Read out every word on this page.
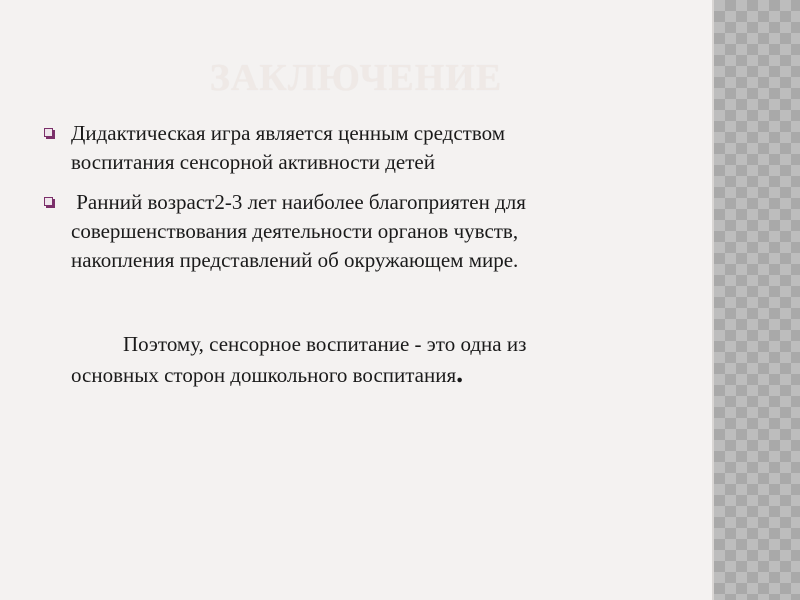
ЗАКЛЮЧЕНИЕ
Дидактическая игра является ценным средством
воспитания сенсорной активности детей
Ранний возраст2-3 лет наиболее благоприятен для
совершенствования деятельности органов чувств,
накопления представлений об окружающем мире.
Поэтому, сенсорное воспитание - это одна из
основных сторон дошкольного воспитания.
